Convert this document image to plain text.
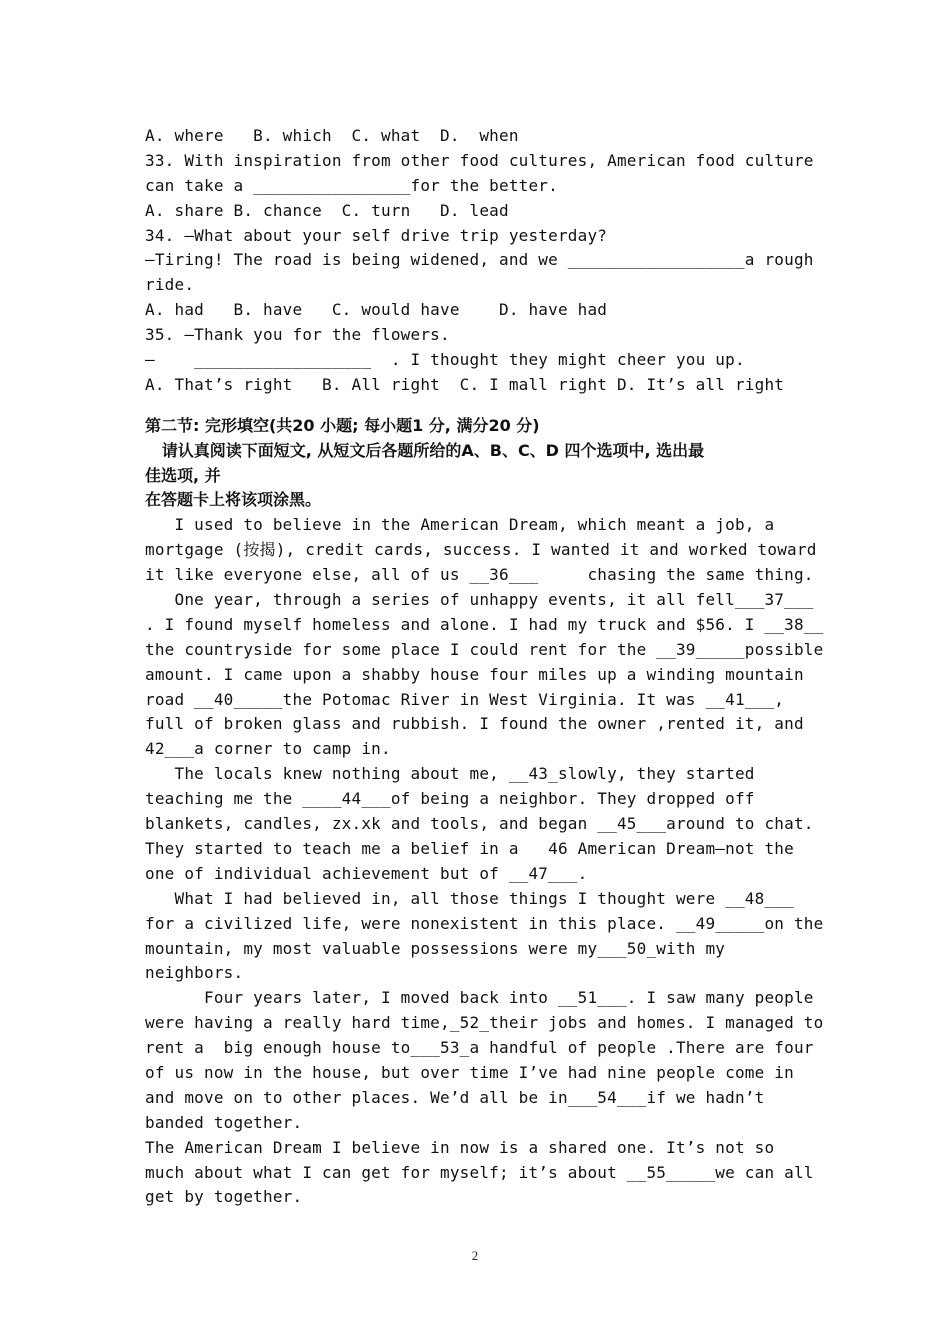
A. where   B. which  C. what  D.  when
33. With inspiration from other food cultures, American food culture
can take a ________________for the better.
A. share B. chance  C. turn   D. lead
34. —What about your self drive trip yesterday?
—Tiring! The road is being widened, and we __________________a rough
ride.
A. had   B. have   C. would have    D. have had
35. —Thank you for the flowers.
—    __________________  . I thought they might cheer you up.
A. That’s right   B. All right  C. I mall right D. It’s all right
第二节: 完形填空(共20 小题; 每小题1 分, 满分20 分)
请认真阅读下面短文, 从短文后各题所给的A、B、C、D 四个选项中, 选出最
佳选项, 并
在答题卡上将该项涂黑。
I used to believe in the American Dream, which meant a job, a
mortgage (按揭), credit cards, success. I wanted it and worked toward
it like everyone else, all of us __36___     chasing the same thing.
One year, through a series of unhappy events, it all fell___37___
. I found myself homeless and alone. I had my truck and $56. I __38__
the countryside for some place I could rent for the __39_____possible
amount. I came upon a shabby house four miles up a winding mountain
road __40_____the Potomac River in West Virginia. It was __41___,
full of broken glass and rubbish. I found the owner ,rented it, and
42___a corner to camp in.
The locals knew nothing about me, __43_slowly, they started
teaching me the ____44___of being a neighbor. They dropped off
blankets, candles, zx.xk and tools, and began __45___around to chat.
They started to teach me a belief in a   46 American Dream—not the
one of individual achievement but of __47___.
What I had believed in, all those things I thought were __48___
for a civilized life, were nonexistent in this place. __49_____on the
mountain, my most valuable possessions were my___50_with my
neighbors.
Four years later, I moved back into __51___. I saw many people
were having a really hard time,_52_their jobs and homes. I managed to
rent a  big enough house to___53_a handful of people .There are four
of us now in the house, but over time I’ve had nine people come in
and move on to other places. We’d all be in___54___if we hadn’t
banded together.
The American Dream I believe in now is a shared one. It’s not so
much about what I can get for myself; it’s about __55_____we can all
get by together.
2
